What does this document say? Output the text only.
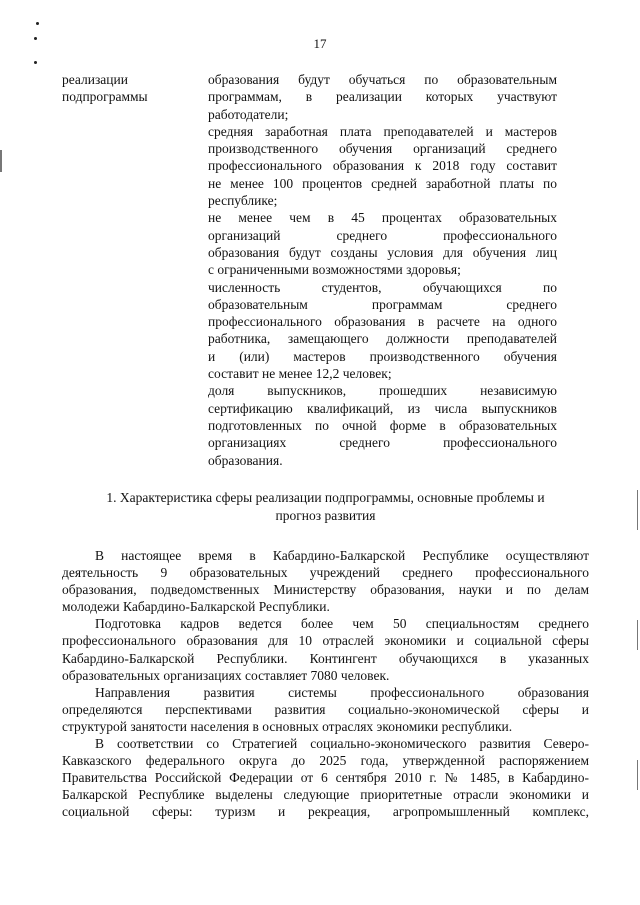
17
реализации
подпрограммы
образования будут обучаться по образовательным
программам, в реализации которых участвуют
работодатели;
средняя заработная плата преподавателей и мастеров
производственного обучения организаций среднего
профессионального образования к 2018 году составит
не менее 100 процентов средней заработной платы по
республике;
не менее чем в 45 процентах образовательных
организаций среднего профессионального
образования будут созданы условия для обучения лиц
с ограниченными возможностями здоровья;
численность студентов, обучающихся по
образовательным программам среднего
профессионального образования в расчете на одного
работника, замещающего должности преподавателей
и (или) мастеров производственного обучения
составит не менее 12,2 человек;
доля выпускников, прошедших независимую
сертификацию квалификаций, из числа выпускников
подготовленных по очной форме в образовательных
организациях среднего профессионального
образования.
1. Характеристика сферы реализации подпрограммы, основные проблемы и
прогноз развития
В настоящее время в Кабардино-Балкарской Республике осуществляют
деятельность 9 образовательных учреждений среднего профессионального
образования, подведомственных Министерству образования, науки и по делам
молодежи Кабардино-Балкарской Республики.
Подготовка кадров ведется более чем 50 специальностям среднего
профессионального образования для 10 отраслей экономики и социальной сферы
Кабардино-Балкарской Республики. Контингент обучающихся в указанных
образовательных организациях составляет 7080 человек.
Направления развития системы профессионального образования
определяются перспективами развития социально-экономической сферы и
структурой занятости населения в основных отраслях экономики республики.
В соответствии со Стратегией социально-экономического развития Северо-
Кавказского федерального округа до 2025 года, утвержденной распоряжением
Правительства Российской Федерации от 6 сентября 2010 г. № 1485, в Кабардино-
Балкарской Республике выделены следующие приоритетные отрасли экономики и
социальной сферы: туризм и рекреация, агропромышленный комплекс,
